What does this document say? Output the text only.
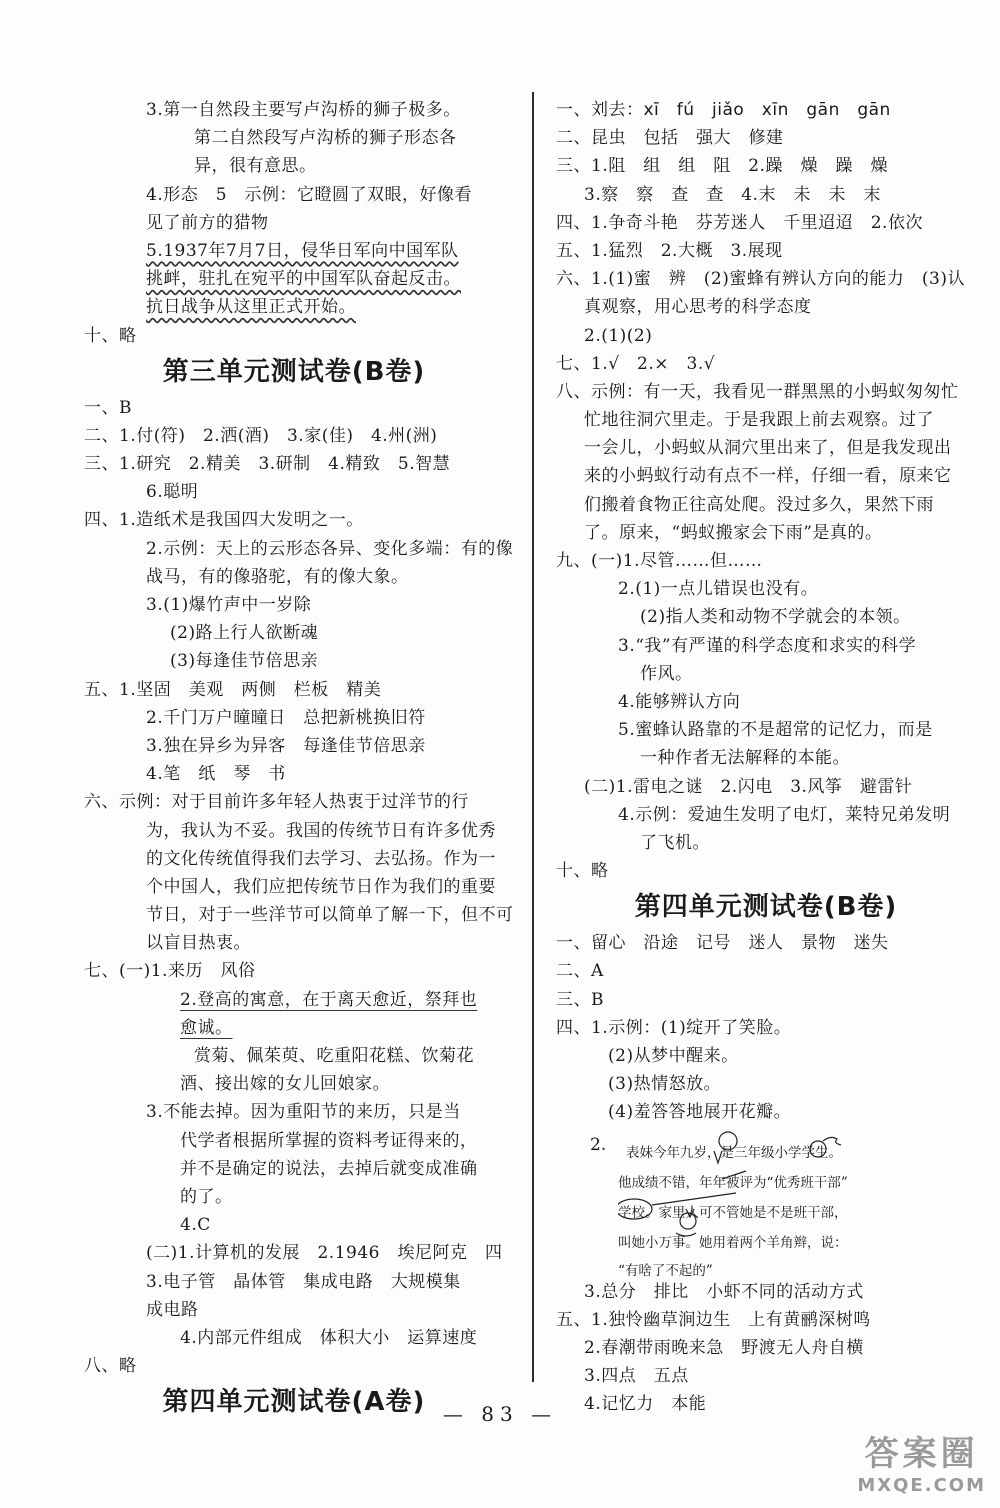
3.第一自然段主要写卢沟桥的狮子极多。
第二自然段写卢沟桥的狮子形态各
异，很有意思。
4.形态　5　示例：它瞪圆了双眼，好像看
见了前方的猎物
5.1937年7月7日，侵华日军向中国军队
挑衅，驻扎在宛平的中国军队奋起反击。
抗日战争从这里正式开始。
十、略
第三单元测试卷(B卷)
一、B
二、1.付(符)　2.洒(酒)　3.家(佳)　4.州(洲)
三、1.研究　2.精美　3.研制　4.精致　5.智慧
6.聪明
四、1.造纸术是我国四大发明之一。
2.示例：天上的云形态各异、变化多端：有的像
战马，有的像骆驼，有的像大象。
3.(1)爆竹声中一岁除
(2)路上行人欲断魂
(3)每逢佳节倍思亲
五、1.坚固　美观　两侧　栏板　精美
2.千门万户曈曈日　总把新桃换旧符
3.独在异乡为异客　每逢佳节倍思亲
4.笔　纸　琴　书
六、示例：对于目前许多年轻人热衷于过洋节的行
为，我认为不妥。我国的传统节日有许多优秀
的文化传统值得我们去学习、去弘扬。作为一
个中国人，我们应把传统节日作为我们的重要
节日，对于一些洋节可以简单了解一下，但不可
以盲目热衷。
七、(一)1.来历　风俗
2.登高的寓意，在于离天愈近，祭拜也
愈诚。
赏菊、佩茱萸、吃重阳花糕、饮菊花
酒、接出嫁的女儿回娘家。
3.不能去掉。因为重阳节的来历，只是当
代学者根据所掌握的资料考证得来的，
并不是确定的说法，去掉后就变成准确
的了。
4.C
(二)1.计算机的发展　2.1946　埃尼阿克　四
3.电子管　晶体管　集成电路　大规模集
成电路
4.内部元件组成　体积大小　运算速度
八、略
第四单元测试卷(A卷)
一、刘去：xī　fú　jiǎo　xīn　gān　gān
二、昆虫　包括　强大　修建
三、1.阻　组　组　阻　2.躁　燥　躁　燥
3.察　察　查　查　4.末　未　未　末
四、1.争奇斗艳　芬芳迷人　千里迢迢　2.依次
五、1.猛烈　2.大概　3.展现
六、1.(1)蜜　辨　(2)蜜蜂有辨认方向的能力　(3)认
真观察，用心思考的科学态度
2.(1)(2)
七、1.√　2.×　3.√
八、示例：有一天，我看见一群黑黑的小蚂蚁匆匆忙
忙地往洞穴里走。于是我跟上前去观察。过了
一会儿，小蚂蚁从洞穴里出来了，但是我发现出
来的小蚂蚁行动有点不一样，仔细一看，原来它
们搬着食物正往高处爬。没过多久，果然下雨
了。原来，“蚂蚁搬家会下雨”是真的。
九、(一)1.尽管……但……
2.(1)一点儿错误也没有。
(2)指人类和动物不学就会的本领。
3.“我”有严谨的科学态度和求实的科学
作风。
4.能够辨认方向
5.蜜蜂认路靠的不是超常的记忆力，而是
一种作者无法解释的本能。
(二)1.雷电之谜　2.闪电　3.风筝　避雷针
4.示例：爱迪生发明了电灯，莱特兄弟发明
了飞机。
十、略
第四单元测试卷(B卷)
一、留心　沿途　记号　迷人　景物　迷失
二、A
三、B
四、1.示例：(1)绽开了笑脸。
(2)从梦中醒来。
(3)热情怒放。
(4)羞答答地展开花瓣。
2. 表妹今年九岁，是三年级小学学生。
他成绩不错，年年被评为“优秀班干部”
学校。家里人可不管她是不是班干部，
叫她小万事。她用着两个羊角辫，说：
“有啥了不起的”
3.总分　排比　小虾不同的活动方式
五、1.独怜幽草涧边生　上有黄鹂深树鸣
2.春潮带雨晚来急　野渡无人舟自横
3.四点　五点
4.记忆力　本能
— 83 —
答案圈
MXQE.COM
